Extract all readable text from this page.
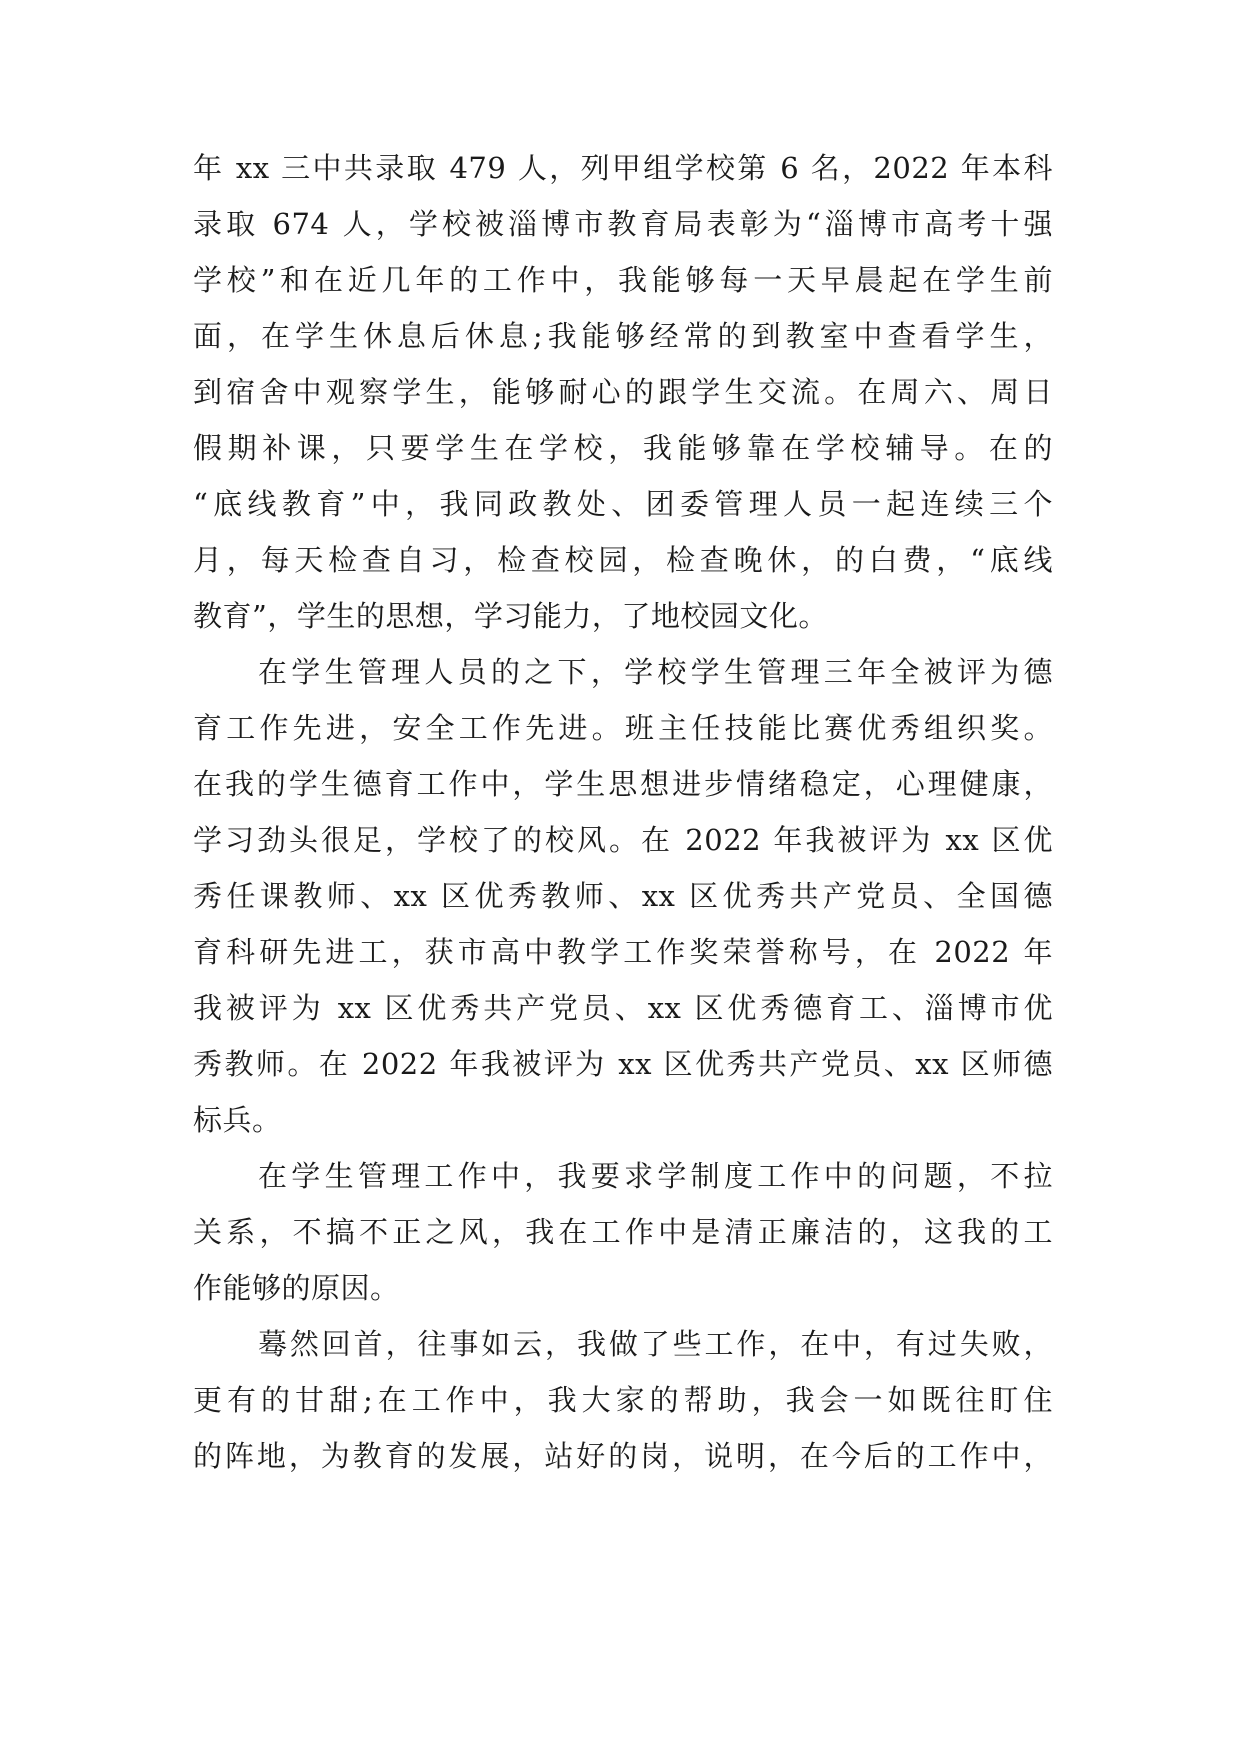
年 xx 三中共录取 479 人，列甲组学校第 6 名，2022 年本科
录取 674 人，学校被淄博市教育局表彰为“淄博市高考十强
学校”和在近几年的工作中，我能够每一天早晨起在学生前
面，在学生休息后休息;我能够经常的到教室中查看学生，
到宿舍中观察学生，能够耐心的跟学生交流。在周六、周日
假期补课，只要学生在学校，我能够靠在学校辅导。在的
“底线教育”中，我同政教处、团委管理人员一起连续三个
月，每天检查自习，检查校园，检查晚休，的白费，“底线
教育”，学生的思想，学习能力，了地校园文化。
在学生管理人员的之下，学校学生管理三年全被评为德
育工作先进，安全工作先进。班主任技能比赛优秀组织奖。
在我的学生德育工作中，学生思想进步情绪稳定，心理健康，
学习劲头很足，学校了的校风。在 2022 年我被评为 xx 区优
秀任课教师、xx 区优秀教师、xx 区优秀共产党员、全国德
育科研先进工，获市高中教学工作奖荣誉称号，在 2022 年
我被评为 xx 区优秀共产党员、xx 区优秀德育工、淄博市优
秀教师。在 2022 年我被评为 xx 区优秀共产党员、xx 区师德
标兵。
在学生管理工作中，我要求学制度工作中的问题，不拉
关系，不搞不正之风，我在工作中是清正廉洁的，这我的工
作能够的原因。
蓦然回首，往事如云，我做了些工作，在中，有过失败，
更有的甘甜;在工作中，我大家的帮助，我会一如既往盯住
的阵地，为教育的发展，站好的岗，说明，在今后的工作中，
